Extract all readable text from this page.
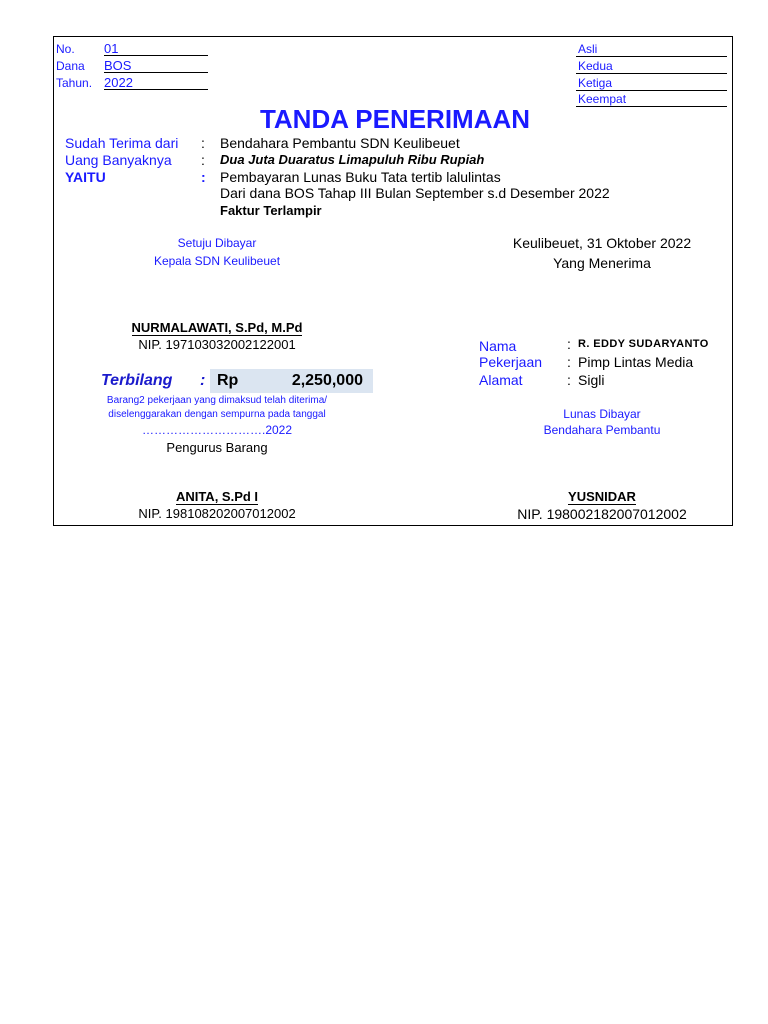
No. 01
Dana BOS
Tahun. 2022
Asli
Kedua
Ketiga
Keempat
TANDA PENERIMAAN
Sudah Terima dari : Bendahara Pembantu SDN Keulibeuet
Uang Banyaknya : Dua Juta Duaratus Limapuluh Ribu Rupiah
YAITU	: Pembayaran Lunas Buku Tata tertib lalulintas
Dari dana BOS Tahap III Bulan September s.d Desember 2022
Faktur Terlampir
Setuju Dibayar
Kepala SDN Keulibeuet
NURMALAWATI, S.Pd, M.Pd
NIP. 197103032002122001
Keulibeuet, 31 Oktober 2022
Yang Menerima
Nama	: R. EDDY SUDARYANTO
Pekerjaan : Pimp Lintas Media
Alamat	: Sigli
Terbilang : Rp	2,250,000
Barang2 pekerjaan yang dimaksud telah diterima/
diselenggarakan dengan sempurna pada tanggal
………………………….2022
Pengurus Barang
ANITA, S.Pd I
NIP. 198108202007012002
Lunas Dibayar
Bendahara Pembantu
YUSNIDAR
NIP. 198002182007012002
